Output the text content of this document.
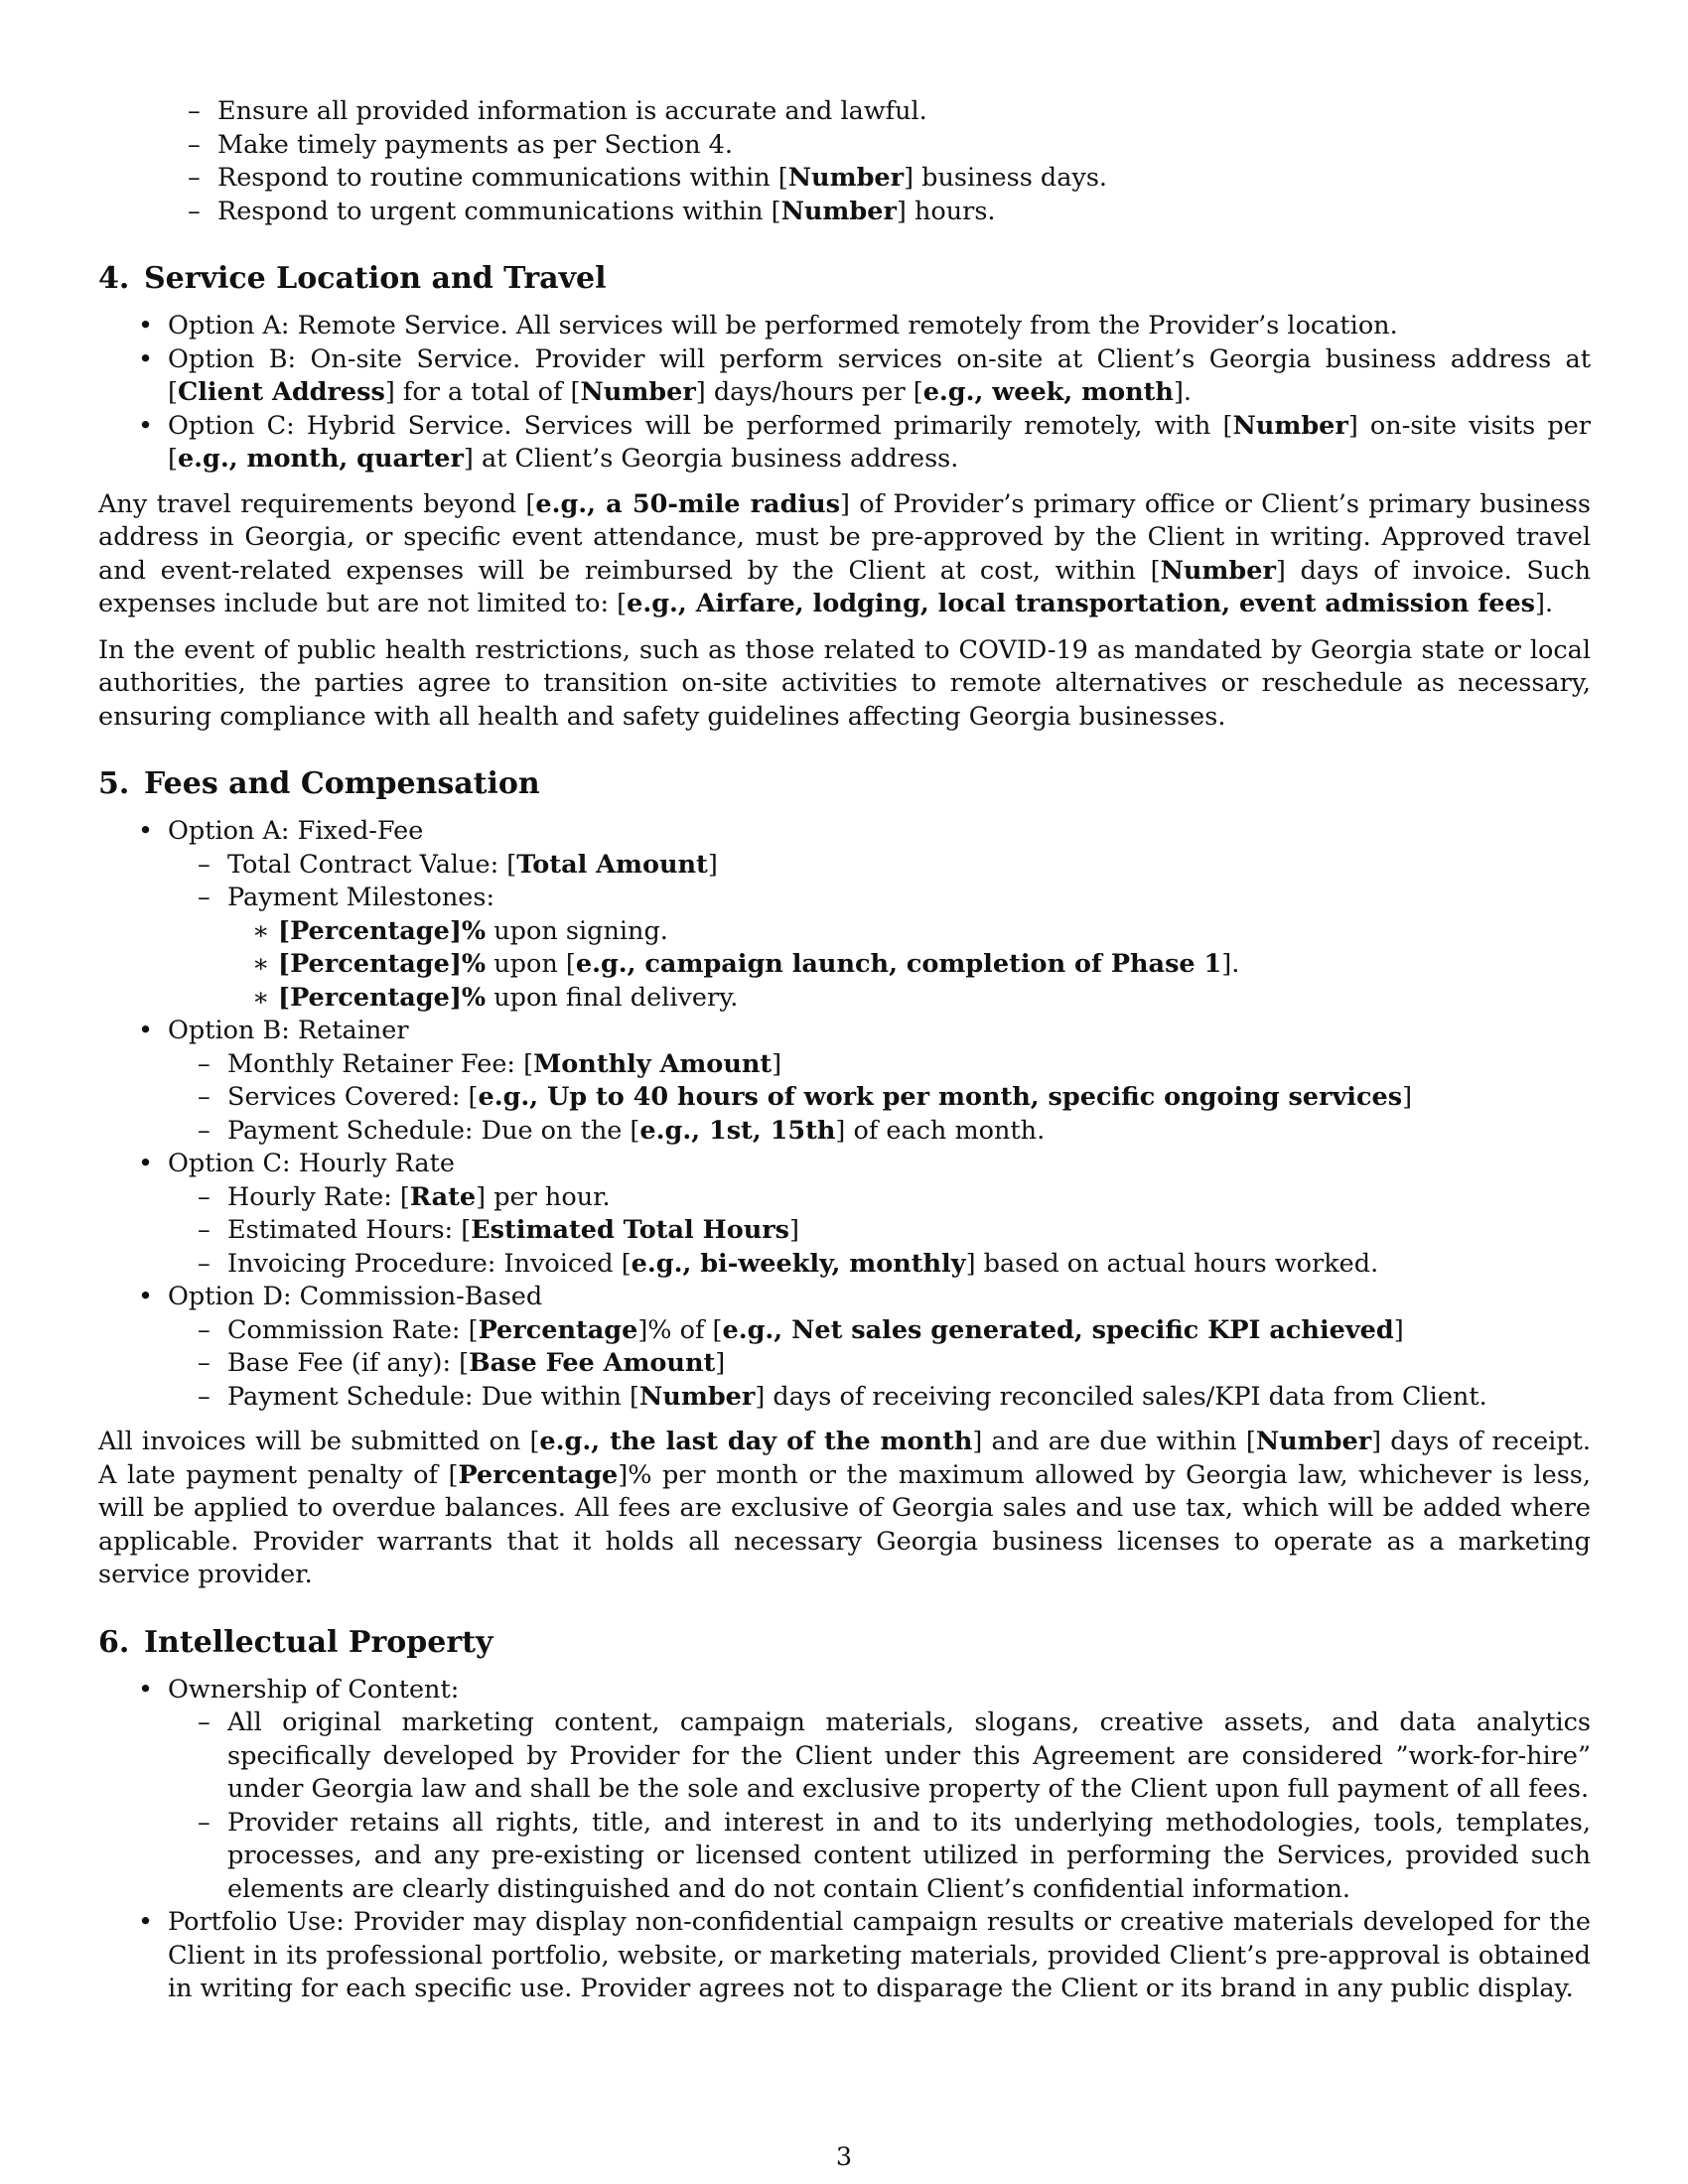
– Ensure all provided information is accurate and lawful.
– Make timely payments as per Section 4.
– Respond to routine communications within [Number] business days.
– Respond to urgent communications within [Number] hours.
4. Service Location and Travel
• Option A: Remote Service. All services will be performed remotely from the Provider’s location.
• Option B: On-site Service. Provider will perform services on-site at Client’s Georgia business address at [Client Address] for a total of [Number] days/hours per [e.g., week, month].
• Option C: Hybrid Service. Services will be performed primarily remotely, with [Number] on-site visits per [e.g., month, quarter] at Client’s Georgia business address.

Any travel requirements beyond [e.g., a 50-mile radius] of Provider’s primary office or Client’s primary business address in Georgia, or specific event attendance, must be pre-approved by the Client in writing. Approved travel and event-related expenses will be reimbursed by the Client at cost, within [Number] days of invoice. Such expenses include but are not limited to: [e.g., Airfare, lodging, local transportation, event admission fees].

In the event of public health restrictions, such as those related to COVID-19 as mandated by Georgia state or local authorities, the parties agree to transition on-site activities to remote alternatives or reschedule as necessary, ensuring compliance with all health and safety guidelines affecting Georgia businesses.

5. Fees and Compensation
• Option A: Fixed-Fee
– Total Contract Value: [Total Amount]
– Payment Milestones:
∗ [Percentage]% upon signing.
∗ [Percentage]% upon [e.g., campaign launch, completion of Phase 1].
∗ [Percentage]% upon final delivery.
• Option B: Retainer
– Monthly Retainer Fee: [Monthly Amount]
– Services Covered: [e.g., Up to 40 hours of work per month, specific ongoing services]
– Payment Schedule: Due on the [e.g., 1st, 15th] of each month.
• Option C: Hourly Rate
– Hourly Rate: [Rate] per hour.
– Estimated Hours: [Estimated Total Hours]
– Invoicing Procedure: Invoiced [e.g., bi-weekly, monthly] based on actual hours worked.
• Option D: Commission-Based
– Commission Rate: [Percentage]% of [e.g., Net sales generated, specific KPI achieved]
– Base Fee (if any): [Base Fee Amount]
– Payment Schedule: Due within [Number] days of receiving reconciled sales/KPI data from Client.

All invoices will be submitted on [e.g., the last day of the month] and are due within [Number] days of receipt. A late payment penalty of [Percentage]% per month or the maximum allowed by Georgia law, whichever is less, will be applied to overdue balances. All fees are exclusive of Georgia sales and use tax, which will be added where applicable. Provider warrants that it holds all necessary Georgia business licenses to operate as a marketing service provider.

6. Intellectual Property
• Ownership of Content:
– All original marketing content, campaign materials, slogans, creative assets, and data analytics specifically developed by Provider for the Client under this Agreement are considered ”work-for-hire” under Georgia law and shall be the sole and exclusive property of the Client upon full payment of all fees.
– Provider retains all rights, title, and interest in and to its underlying methodologies, tools, templates, processes, and any pre-existing or licensed content utilized in performing the Services, provided such elements are clearly distinguished and do not contain Client’s confidential information.
• Portfolio Use: Provider may display non-confidential campaign results or creative materials developed for the Client in its professional portfolio, website, or marketing materials, provided Client’s pre-approval is obtained in writing for each specific use. Provider agrees not to disparage the Client or its brand in any public display.
3
